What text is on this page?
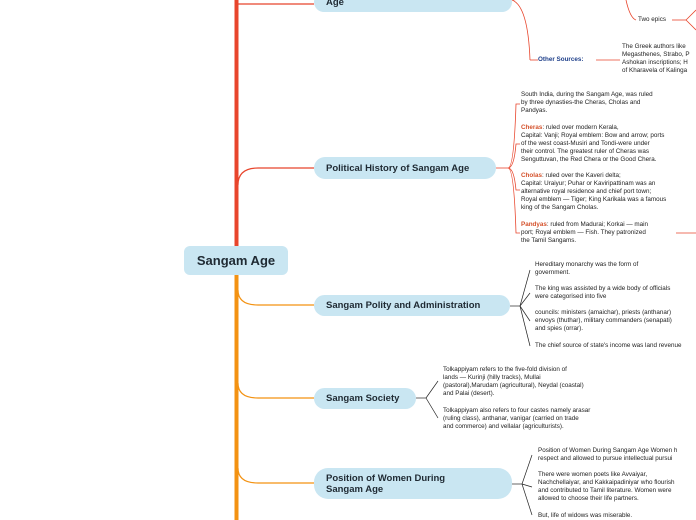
Sangam Age
Age
Political History of Sangam Age
Sangam Polity and Administration
Sangam Society
Position of Women During Sangam Age
Two epics
Other Sources:
The Greek authors like
Megasthenes, Strabo, P
Ashokan inscriptions; H
of Kharavela of Kalinga
South India, during the Sangam Age, was ruled
by three dynasties-the Cheras, Cholas and
Pandyas.
Cheras: ruled over modern Kerala,
Capital: Vanji; Royal emblem: Bow and arrow; ports
of the west coast-Musiri and Tondi-were under
their control. The greatest ruler of Cheras was
Senguttuvan, the Red Chera or the Good Chera.
Cholas: ruled over the Kaveri delta;
Capital: Uraiyur; Puhar or Kaviripattinam was an
alternative royal residence and chief port town;
Royal emblem — Tiger; King Karikala was a famous
king of the Sangam Cholas.
Pandyas: ruled from Madurai; Korkai — main
port; Royal emblem — Fish. They patronized
the Tamil Sangams.
Hereditary monarchy was the form of
government.
The king was assisted by a wide body of officials
were categorised into five
councils: ministers (amaichar), priests (anthanar)
envoys (thuthar), military commanders (senapati)
and spies (orrar).
The chief source of state's income was land revenue
Tolkappiyam refers to the five-fold division of
lands — Kurinji (hilly tracks), Mullai
(pastoral),Marudam (agricultural), Neydal (coastal)
and Palai (desert).
Tolkappiyam also refers to four castes namely arasar
(ruling class), anthanar, vanigar (carried on trade
and commerce) and vellalar (agriculturists).
Position of Women During Sangam Age Women h
respect and allowed to pursue intellectual pursui
There were women poets like Avvaiyar,
Nachchellaiyar, and Kakkaipadiniyar who flourish
and contributed to Tamil literature. Women were
allowed to choose their life partners.
But, life of widows was miserable.
